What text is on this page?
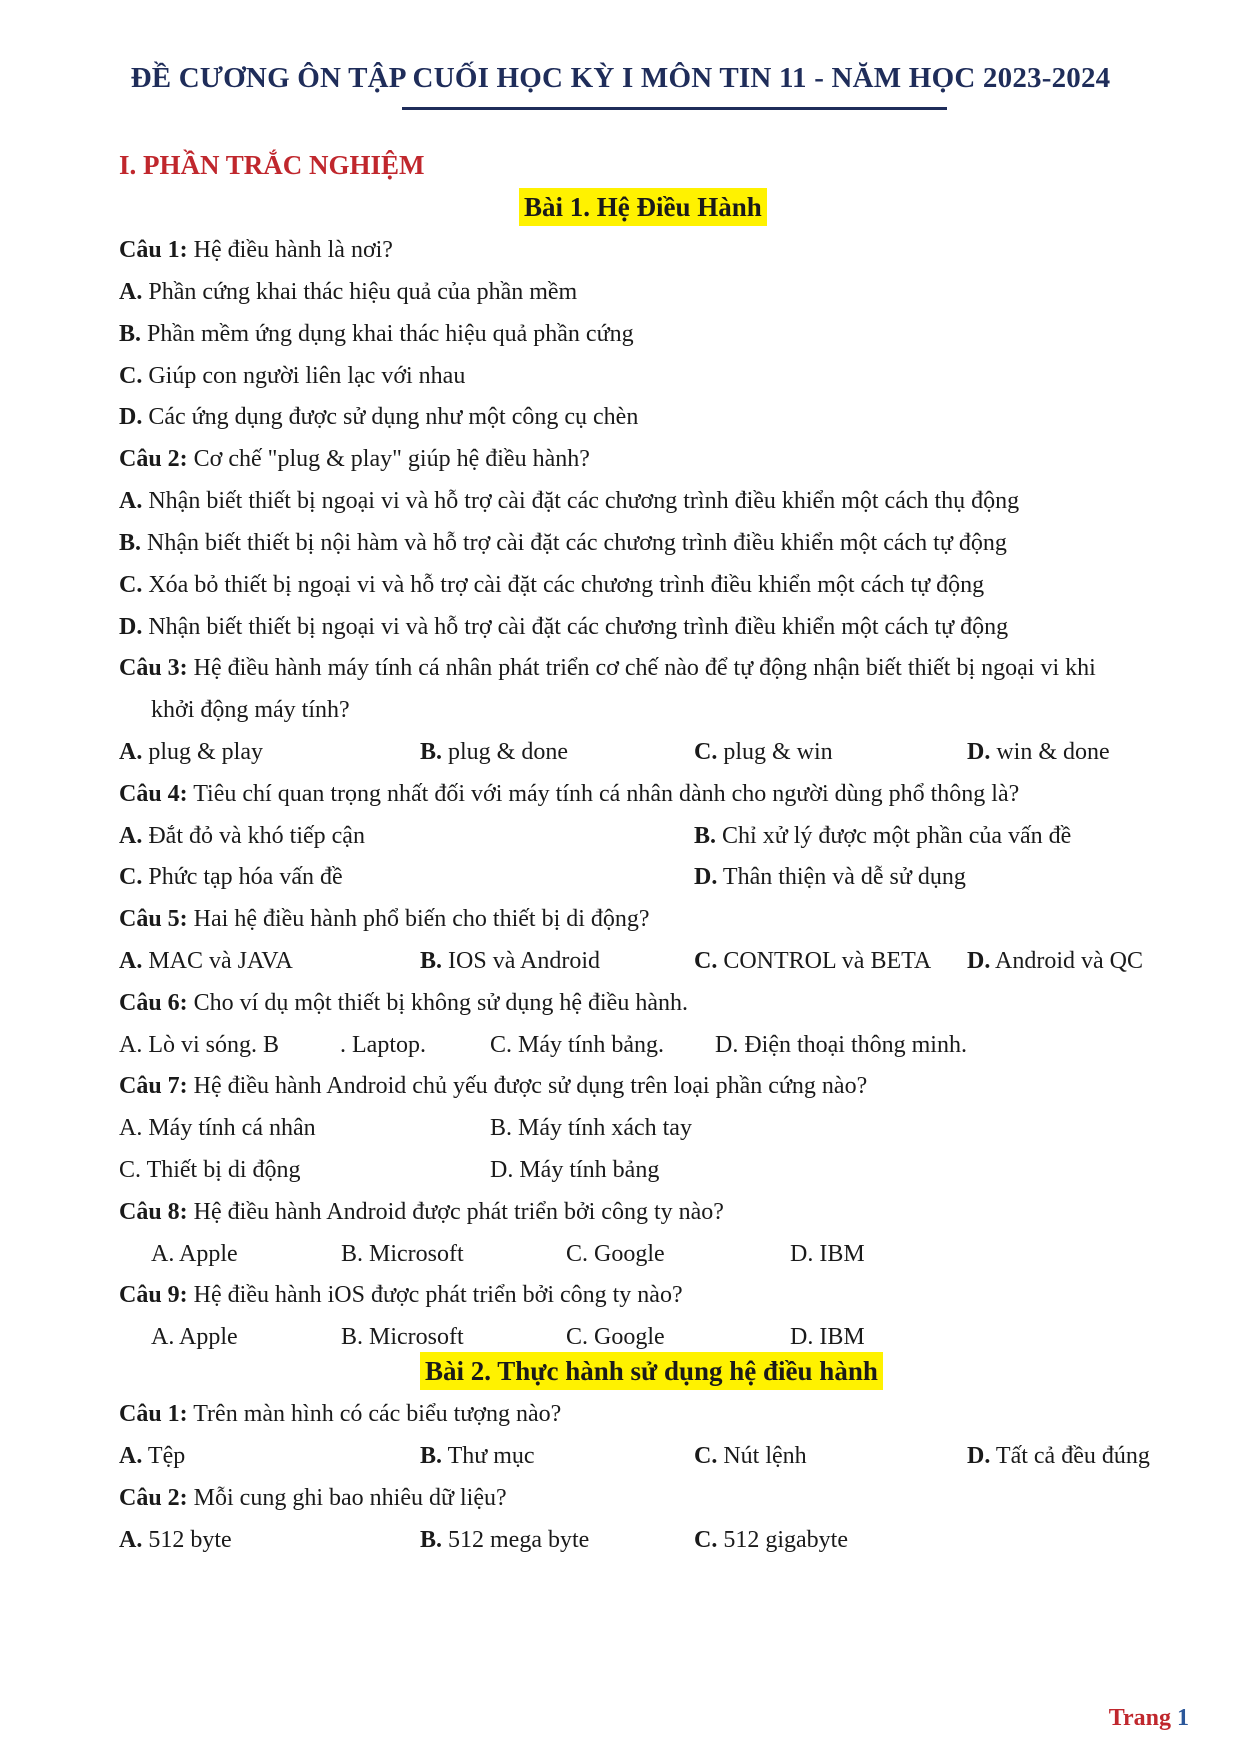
ĐỀ CƯƠNG ÔN TẬP CUỐI HỌC KỲ I MÔN TIN 11 - NĂM HỌC 2023-2024
I. PHẦN TRẮC NGHIỆM
Bài 1. Hệ Điều Hành
Câu 1: Hệ điều hành là nơi?
A. Phần cứng khai thác hiệu quả của phần mềm
B. Phần mềm ứng dụng khai thác hiệu quả phần cứng
C. Giúp con người liên lạc với nhau
D. Các ứng dụng được sử dụng như một công cụ chèn
Câu 2: Cơ chế "plug & play" giúp hệ điều hành?
A. Nhận biết thiết bị ngoại vi và hỗ trợ cài đặt các chương trình điều khiển một cách thụ động
B. Nhận biết thiết bị nội hàm và hỗ trợ cài đặt các chương trình điều khiển một cách tự động
C. Xóa bỏ thiết bị ngoại vi và hỗ trợ cài đặt các chương trình điều khiển một cách tự động
D. Nhận biết thiết bị ngoại vi và hỗ trợ cài đặt các chương trình điều khiển một cách tự động
Câu 3: Hệ điều hành máy tính cá nhân phát triển cơ chế nào để tự động nhận biết thiết bị ngoại vi khi
khởi động máy tính?
A. plug & play	B. plug & done	C. plug & win	D. win & done
Câu 4: Tiêu chí quan trọng nhất đối với máy tính cá nhân dành cho người dùng phổ thông là?
A. Đắt đỏ và khó tiếp cận	B. Chỉ xử lý được một phần của vấn đề
C. Phức tạp hóa vấn đề	D. Thân thiện và dễ sử dụng
Câu 5: Hai hệ điều hành phổ biến cho thiết bị di động?
A. MAC và JAVA	B. IOS và Android	C. CONTROL và BETA D. Android và QC
Câu 6: Cho ví dụ một thiết bị không sử dụng hệ điều hành.
A. Lò vi sóng. B	. Laptop.	C. Máy tính bảng. D. Điện thoại thông minh.
Câu 7: Hệ điều hành Android chủ yếu được sử dụng trên loại phần cứng nào?
A. Máy tính cá nhân	B. Máy tính xách tay
C. Thiết bị di động	D. Máy tính bảng
Câu 8: Hệ điều hành Android được phát triển bởi công ty nào?
A. Apple	B. Microsoft	C. Google	D. IBM
Câu 9: Hệ điều hành iOS được phát triển bởi công ty nào?
A. Apple	B. Microsoft	C. Google	D. IBM
Bài 2. Thực hành sử dụng hệ điều hành
Câu 1: Trên màn hình có các biểu tượng nào?
A. Tệp	B. Thư mục	C. Nút lệnh	D. Tất cả đều đúng
Câu 2: Mỗi cung ghi bao nhiêu dữ liệu?
A. 512 byte	B. 512 mega byte	C. 512 gigabyte
Trang 1
